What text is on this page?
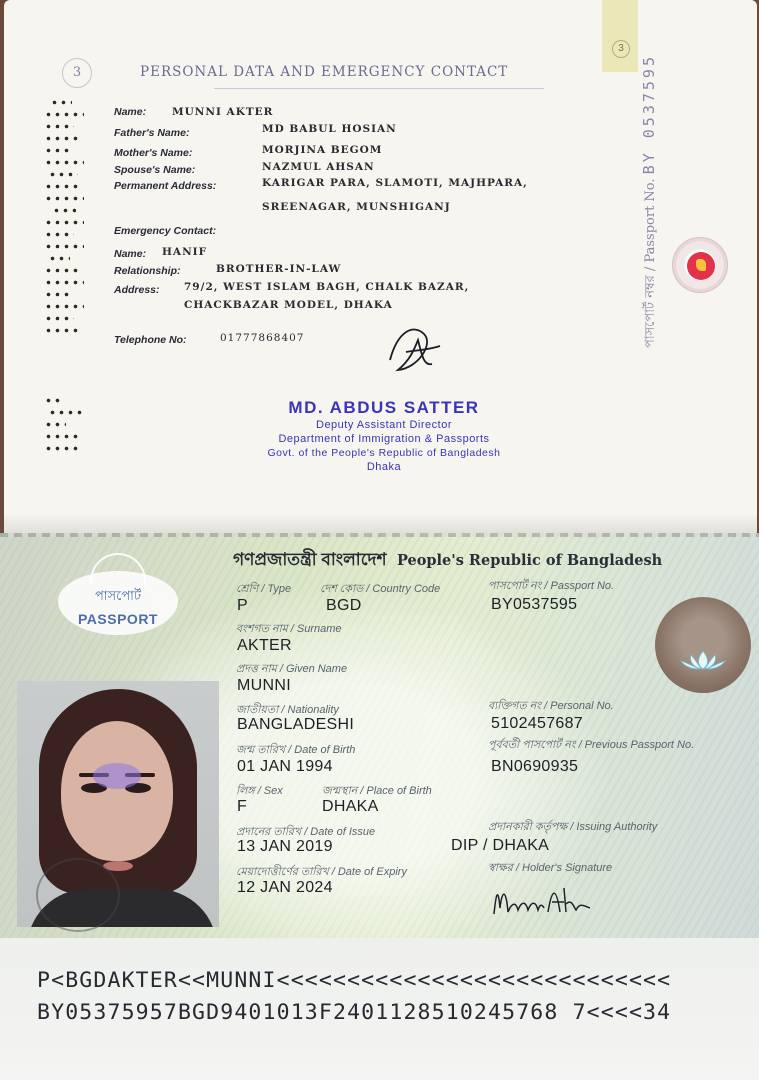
3
3
PERSONAL DATA AND EMERGENCY CONTACT
Name: MUNNI AKTER
Father's Name:	MD BABUL HOSIAN
Mother's Name:	MORJINA BEGOM
Spouse's Name:	NAZMUL AHSAN
Permanent Address:	KARIGAR PARA, SLAMOTI, MAJHPARA,
SREENAGAR, MUNSHIGANJ
Emergency Contact:
Name: HANIF
Relationship:	BROTHER-IN-LAW
Address: 79/2, WEST ISLAM BAGH, CHALK BAZAR,
CHACKBAZAR MODEL, DHAKA
Telephone No:	01777868407	পাসপোর্ট নম্বর / Passport No. BY 0537595
MD. ABDUS SATTER
Deputy Assistant Director
Department of Immigration & Passports
Govt. of the People's Republic of Bangladesh
Dhaka
পাসপোর্ট
PASSPORT
গণপ্রজাতন্ত্রী বাংলাদেশ People's Republic of Bangladesh
শ্রেণি / Type
P
দেশ কোড / Country Code
BGD
পাসপোর্ট নং / Passport No.
BY0537595
বংশগত নাম / Surname
AKTER
প্রদত্ত নাম / Given Name
MUNNI
জাতীয়তা / Nationality
BANGLADESHI
ব্যক্তিগত নং / Personal No.
5102457687
জন্ম তারিখ / Date of Birth
01 JAN 1994
পূর্ববর্তী পাসপোর্ট নং / Previous Passport No.
BN0690935
লিঙ্গ / Sex
F
জন্মস্থান / Place of Birth
DHAKA
প্রদানের তারিখ / Date of Issue
13 JAN 2019
প্রদানকারী কর্তৃপক্ষ / Issuing Authority
DIP / DHAKA
মেয়াদোত্তীর্ণের তারিখ / Date of Expiry
12 JAN 2024
স্বাক্ষর / Holder's Signature
P<BGDAKTER<<MUNNI<<<<<<<<<<<<<<<<<<<<<<<<<<<<
BY05375957BGD9401013F2401128510245768 7<<<<34
